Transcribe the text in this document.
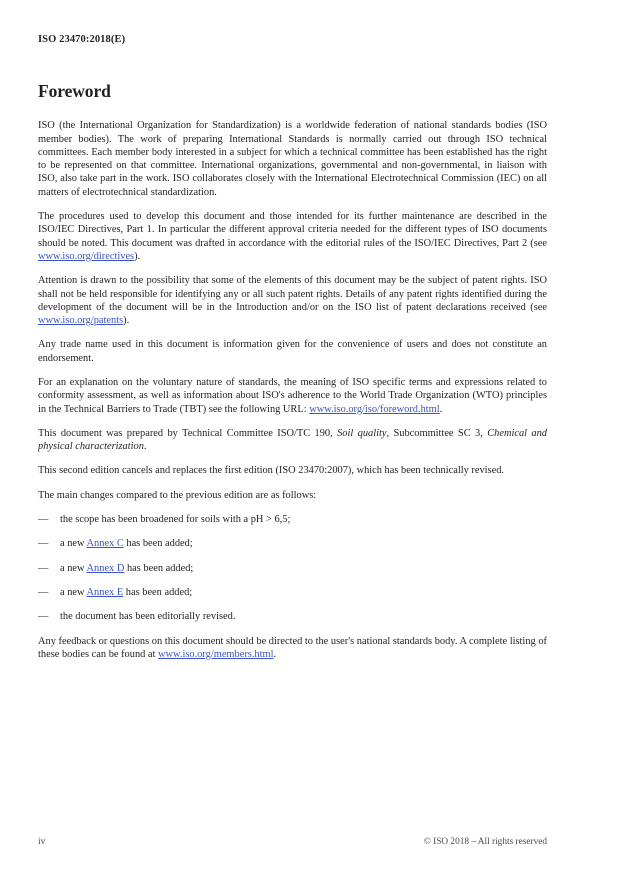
ISO 23470:2018(E)
Foreword

ISO (the International Organization for Standardization) is a worldwide federation of national standards bodies (ISO member bodies). The work of preparing International Standards is normally carried out through ISO technical committees. Each member body interested in a subject for which a technical committee has been established has the right to be represented on that committee. International organizations, governmental and non-governmental, in liaison with ISO, also take part in the work. ISO collaborates closely with the International Electrotechnical Commission (IEC) on all matters of electrotechnical standardization.

The procedures used to develop this document and those intended for its further maintenance are described in the ISO/IEC Directives, Part 1. In particular the different approval criteria needed for the different types of ISO documents should be noted. This document was drafted in accordance with the editorial rules of the ISO/IEC Directives, Part 2 (see www.iso.org/directives).

Attention is drawn to the possibility that some of the elements of this document may be the subject of patent rights. ISO shall not be held responsible for identifying any or all such patent rights. Details of any patent rights identified during the development of the document will be in the Introduction and/or on the ISO list of patent declarations received (see www.iso.org/patents).

Any trade name used in this document is information given for the convenience of users and does not constitute an endorsement.

For an explanation on the voluntary nature of standards, the meaning of ISO specific terms and expressions related to conformity assessment, as well as information about ISO's adherence to the World Trade Organization (WTO) principles in the Technical Barriers to Trade (TBT) see the following URL: www.iso.org/iso/foreword.html.

This document was prepared by Technical Committee ISO/TC 190, Soil quality, Subcommittee SC 3, Chemical and physical characterization.

This second edition cancels and replaces the first edition (ISO 23470:2007), which has been technically revised.

The main changes compared to the previous edition are as follows:

—	the scope has been broadened for soils with a pH > 6,5;
—	a new Annex C has been added;
—	a new Annex D has been added;
—	a new Annex E has been added;
—	the document has been editorially revised.

Any feedback or questions on this document should be directed to the user's national standards body. A complete listing of these bodies can be found at www.iso.org/members.html.

iv	© ISO 2018 – All rights reserved
